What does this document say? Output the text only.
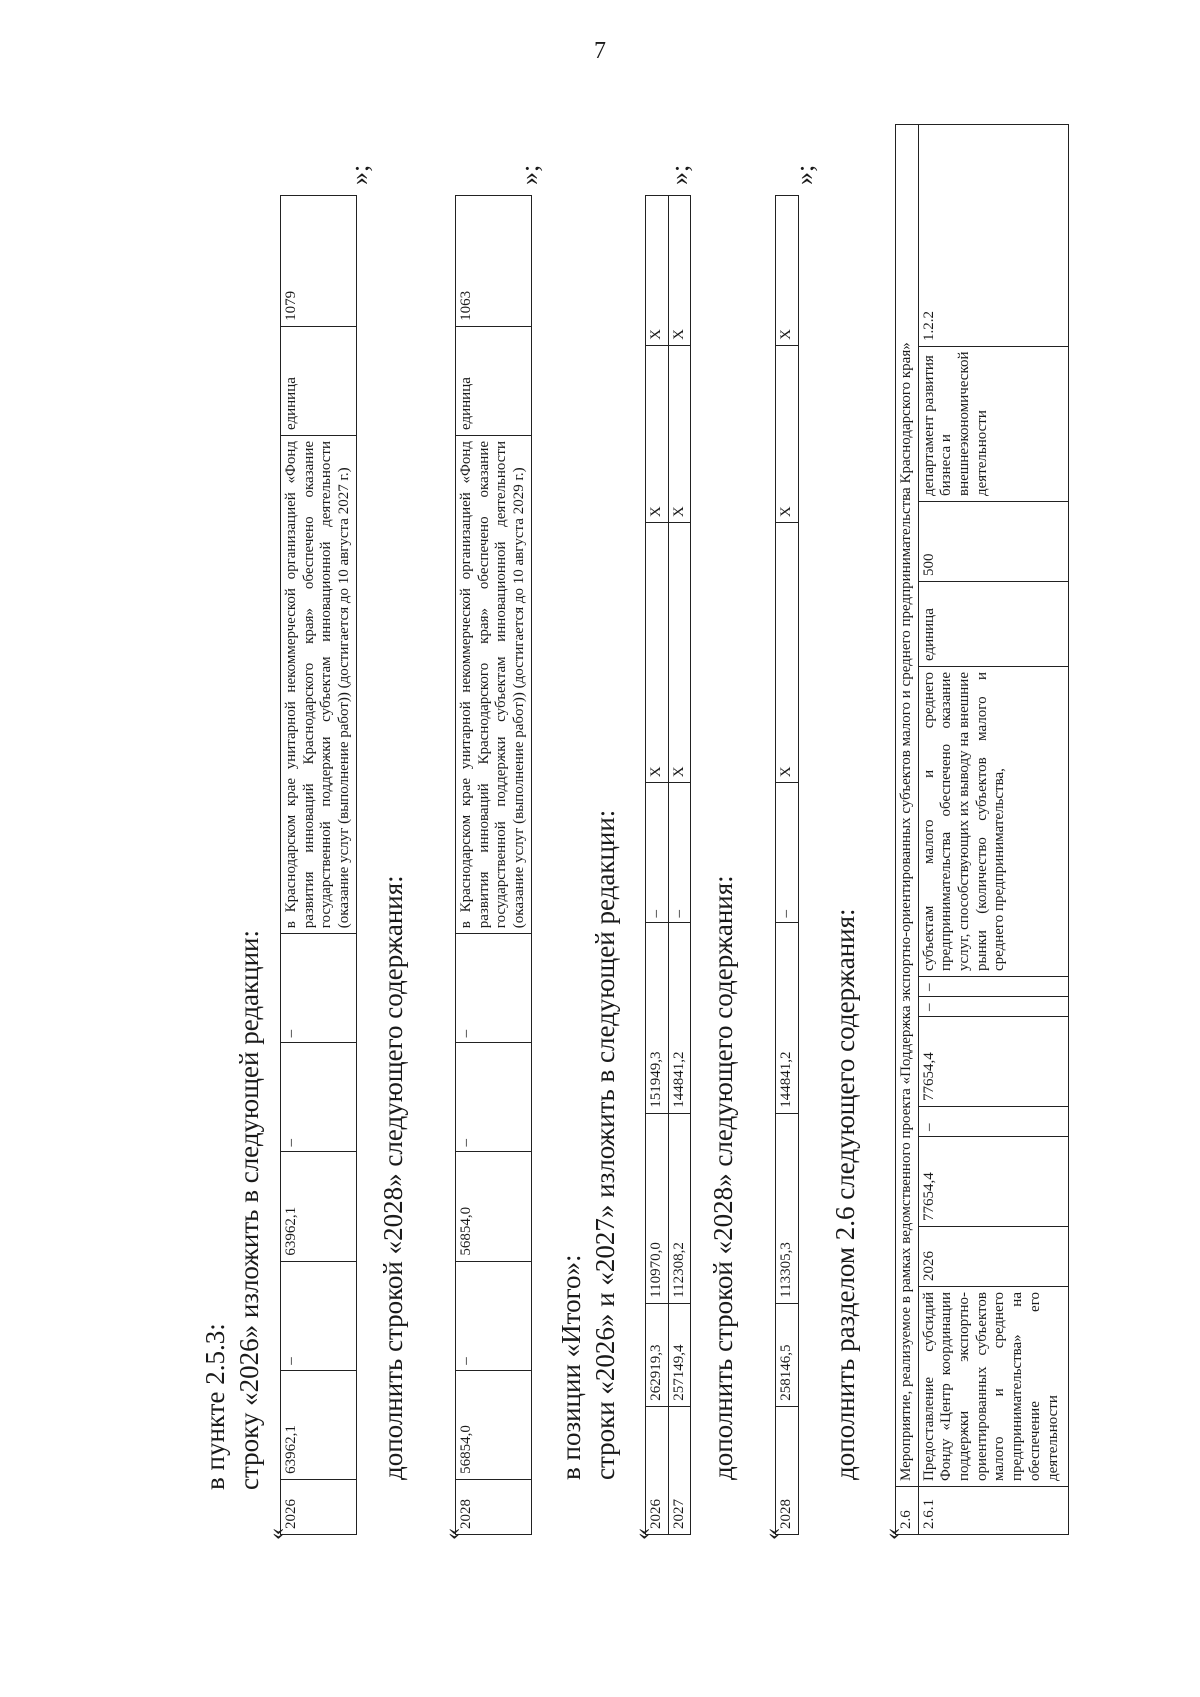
7
в пункте 2.5.3: строку «2026» изложить в следующей редакции:
«
2026	63962,1	–	63962,1	–	–	в Краснодарском крае унитарной некоммерческой организацией «Фонд развития инноваций Краснодарского края» обеспечено оказание государственной поддержки субъектам инновационной деятельности (оказание услуг (выполнение работ)) (достигается до 10 августа 2027 г.)	единица	1079
»;
дополнить строкой «2028» следующего содержания:
«
2028	56854,0	–	56854,0	–	–	в Краснодарском крае унитарной некоммерческой организацией «Фонд развития инноваций Краснодарского края» обеспечено оказание государственной поддержки субъектам инновационной деятельности (оказание услуг (выполнение работ)) (достигается до 10 августа 2029 г.)	единица	1063
»;
в позиции «Итого»: строки «2026» и «2027» изложить в следующей редакции:
«
2026	262919,3	110970,0	151949,3	–	X	X	X
2027	257149,4	112308,2	144841,2	–	X	X	X
»;
дополнить строкой «2028» следующего содержания:
«
2028	258146,5	113305,3	144841,2	–	X	X	X
»;
дополнить разделом 2.6 следующего содержания:
«
2.6	Мероприятие, реализуемое в рамках ведомственного проекта «Поддержка экспортно-ориентированных субъектов малого и среднего предпринимательства Краснодарского края»											
2.6.1	Предоставление субсидий Фонду «Центр координации поддержки экспортно-ориентированных субъектов малого и среднего предпринимательства» на обеспечение его деятельности	2026	77654,4	–	77654,4	–	–	субъектам малого и среднего предпринимательства обеспечено оказание услуг, способствующих их выводу на внешние рынки (количество субъектов малого и среднего предпринимательства,	единица	500	департамент развития бизнеса и внешнеэкономической деятельности	1.2.2
